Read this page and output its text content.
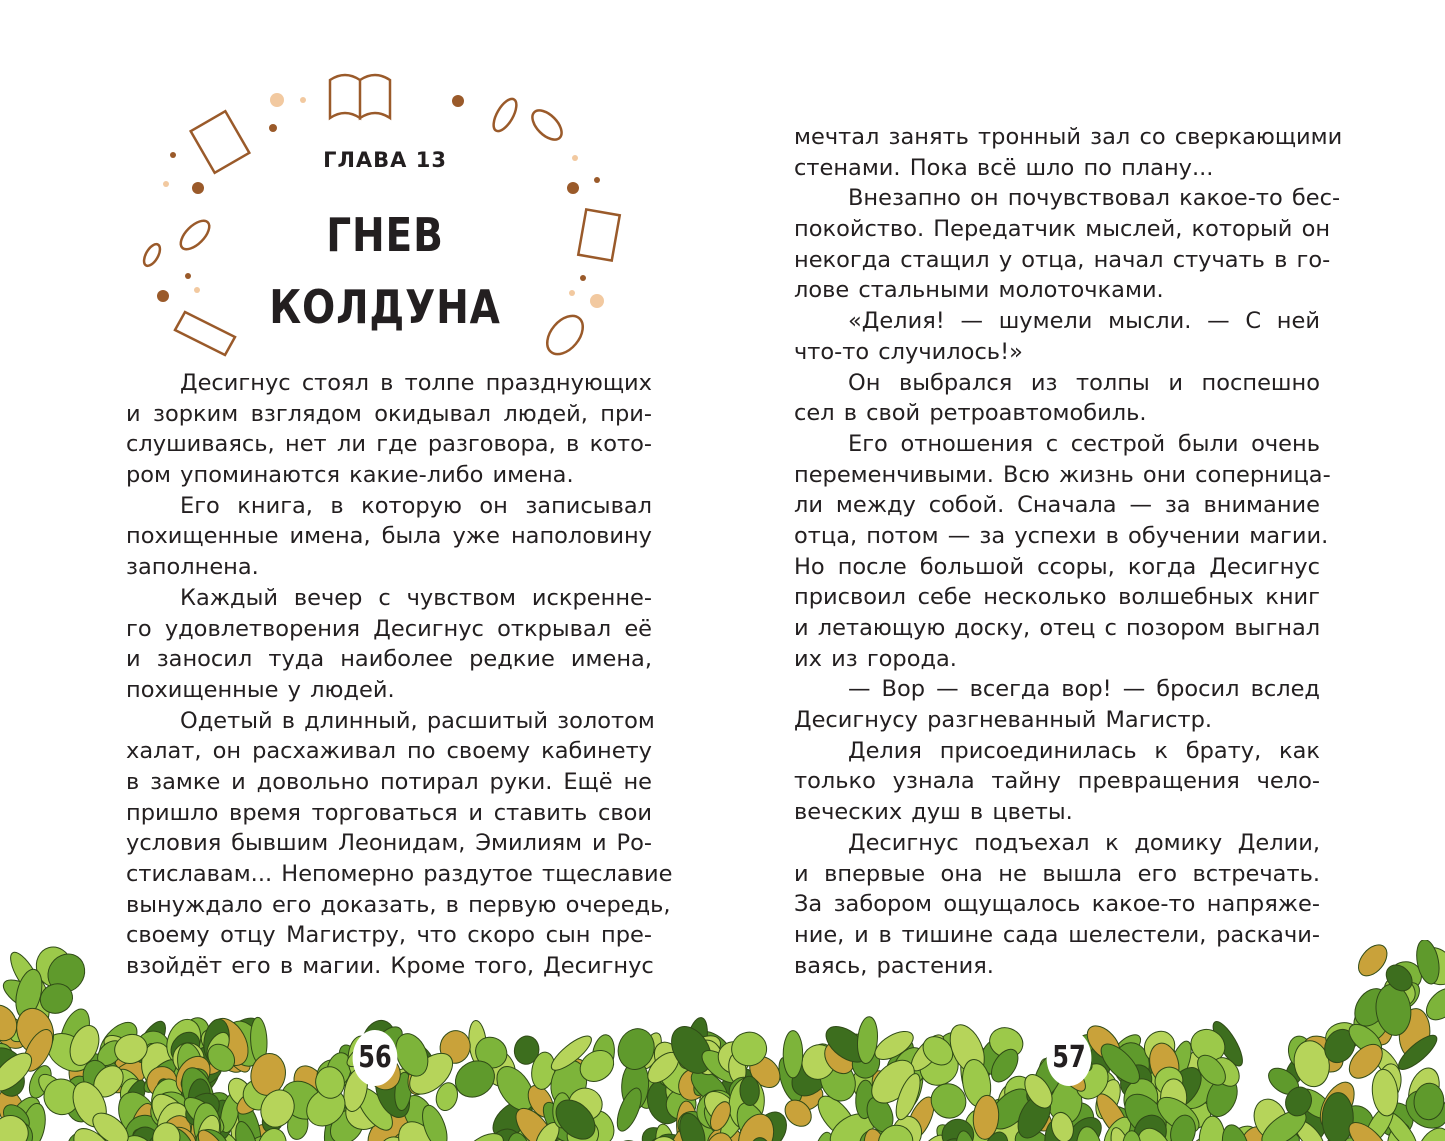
ГЛАВА 13
ГНЕВ
КОЛДУНА
Десигнус стоял в толпе празднующих
и зорким взглядом окидывал людей, при-
слушиваясь, нет ли где разговора, в кото-
ром упоминаются какие-либо имена.
Его книга, в которую он записывал
похищенные имена, была уже наполовину
заполнена.
Каждый вечер с чувством искренне-
го удовлетворения Десигнус открывал её
и заносил туда наиболее редкие имена,
похищенные у людей.
Одетый в длинный, расшитый золотом
халат, он расхаживал по своему кабинету
в замке и довольно потирал руки. Ещё не
пришло время торговаться и ставить свои
условия бывшим Леонидам, Эмилиям и Ро-
стиславам... Непомерно раздутое тщеславие
вынуждало его доказать, в первую очередь,
своему отцу Магистру, что скоро сын пре-
взойдёт его в магии. Кроме того, Десигнус
мечтал занять тронный зал со сверкающими
стенами. Пока всё шло по плану...
Внезапно он почувствовал какое-то бес-
покойство. Передатчик мыслей, который он
некогда стащил у отца, начал стучать в го-
лове стальными молоточками.
«Делия! — шумели мысли. — С ней
что-то случилось!»
Он выбрался из толпы и поспешно
сел в свой ретроавтомобиль.
Его отношения с сестрой были очень
переменчивыми. Всю жизнь они соперница-
ли между собой. Сначала — за внимание
отца, потом — за успехи в обучении магии.
Но после большой ссоры, когда Десигнус
присвоил себе несколько волшебных книг
и летающую доску, отец с позором выгнал
их из города.
— Вор — всегда вор! — бросил вслед
Десигнусу разгневанный Магистр.
Делия присоединилась к брату, как
только узнала тайну превращения чело-
веческих душ в цветы.
Десигнус подъехал к домику Делии,
и впервые она не вышла его встречать.
За забором ощущалось какое-то напряже-
ние, и в тишине сада шелестели, раскачи-
ваясь, растения.
56	57
